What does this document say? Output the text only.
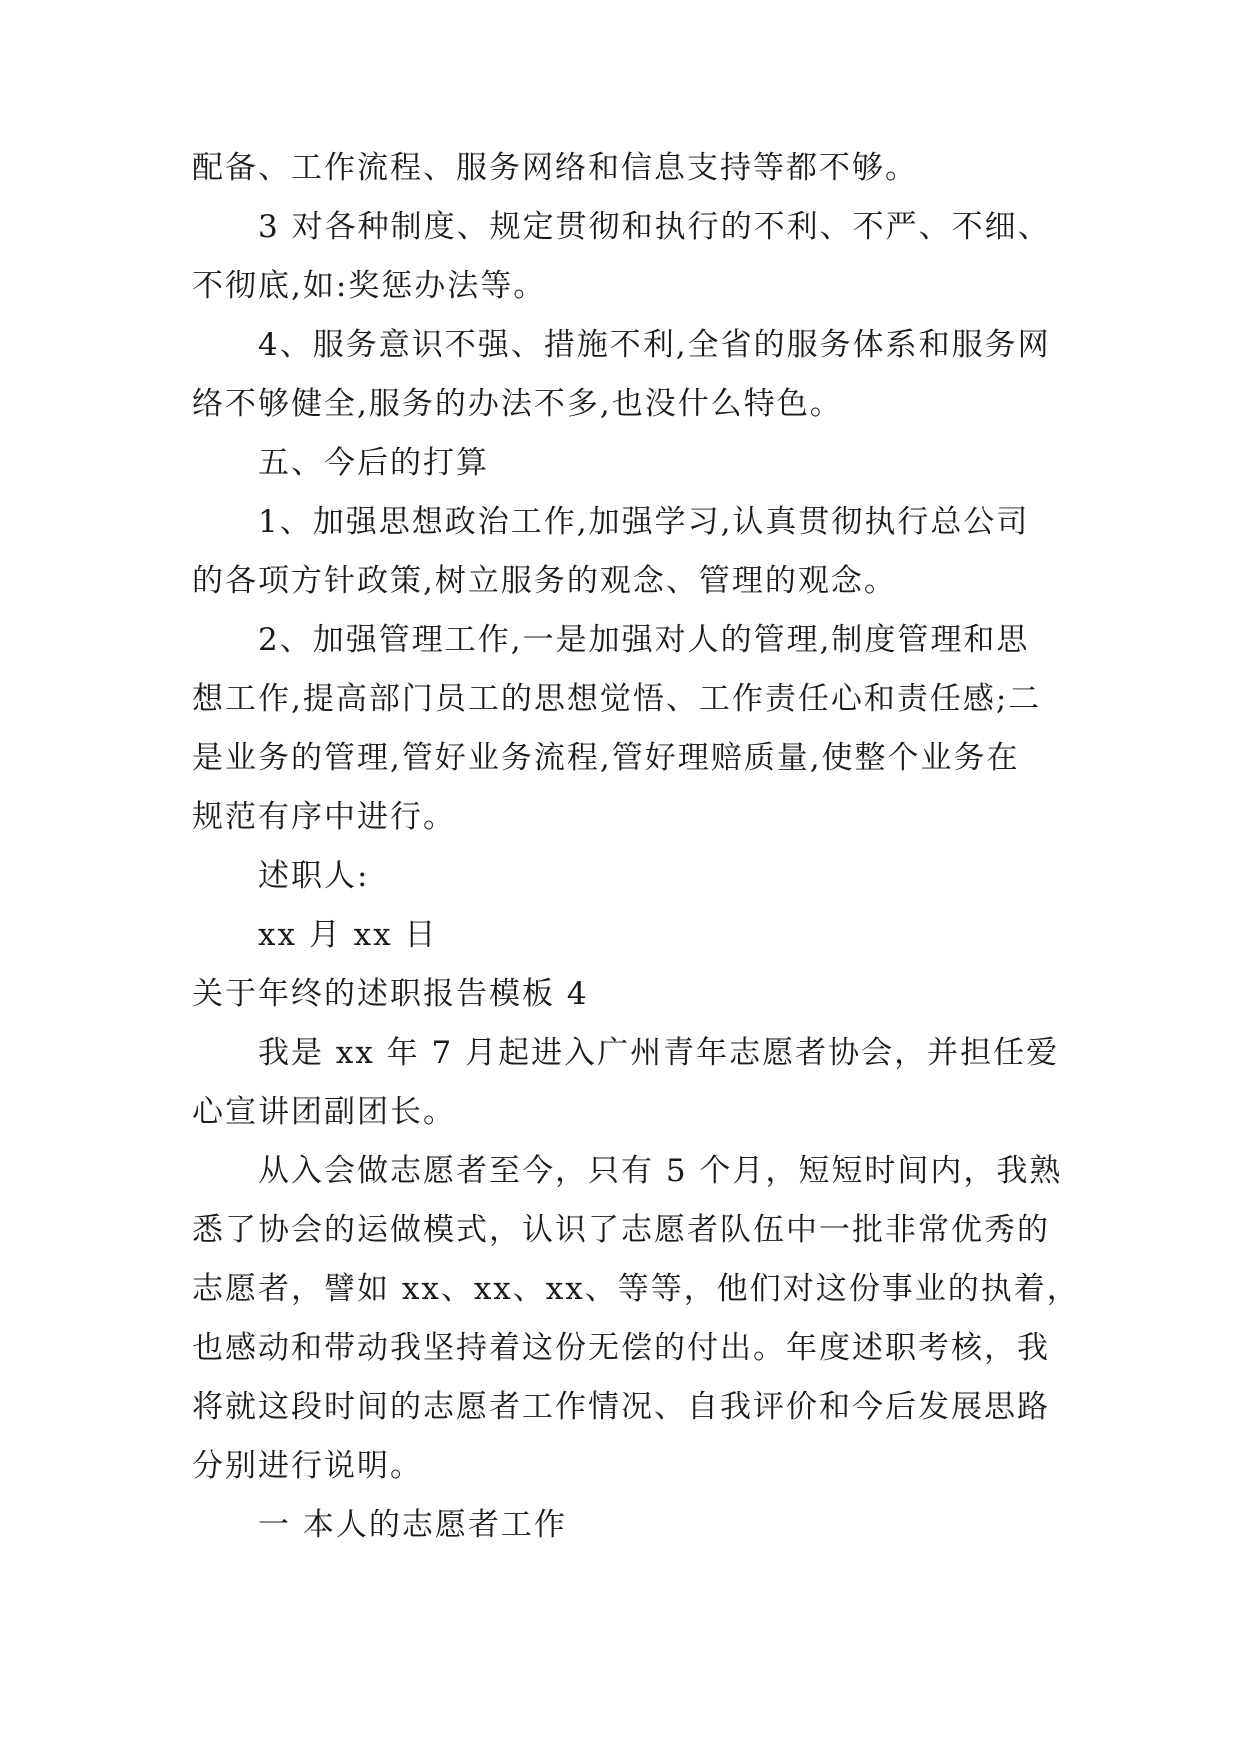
配备、工作流程、服务网络和信息支持等都不够。
3 对各种制度、规定贯彻和执行的不利、不严、不细、
不彻底,如:奖惩办法等。
4、服务意识不强、措施不利,全省的服务体系和服务网
络不够健全,服务的办法不多,也没什么特色。
五、今后的打算
1、加强思想政治工作,加强学习,认真贯彻执行总公司
的各项方针政策,树立服务的观念、管理的观念。
2、加强管理工作,一是加强对人的管理,制度管理和思
想工作,提高部门员工的思想觉悟、工作责任心和责任感;二
是业务的管理,管好业务流程,管好理赔质量,使整个业务在
规范有序中进行。
述职人:
xx 月 xx 日
关于年终的述职报告模板 4
我是 xx 年 7 月起进入广州青年志愿者协会，并担任爱
心宣讲团副团长。
从入会做志愿者至今，只有 5 个月，短短时间内，我熟
悉了协会的运做模式，认识了志愿者队伍中一批非常优秀的
志愿者，譬如 xx、xx、xx、等等，他们对这份事业的执着，
也感动和带动我坚持着这份无偿的付出。年度述职考核，我
将就这段时间的志愿者工作情况、自我评价和今后发展思路
分别进行说明。
一 本人的志愿者工作
